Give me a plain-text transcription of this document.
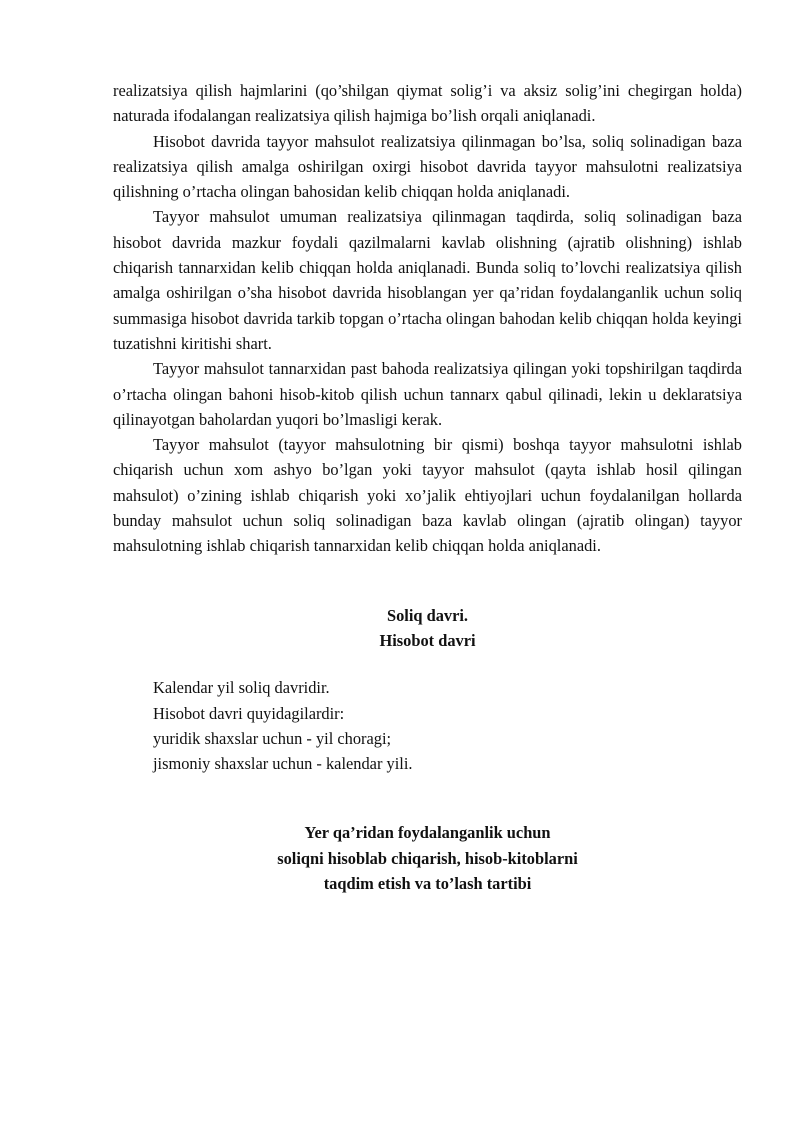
realizatsiya qilish hajmlarini (qo’shilgan qiymat solig’i va aksiz solig’ini chegirgan holda) naturada ifodalangan realizatsiya qilish hajmiga bo’lish orqali aniqlanadi.

Hisobot davrida tayyor mahsulot realizatsiya qilinmagan bo’lsa, soliq solinadigan baza realizatsiya qilish amalga oshirilgan oxirgi hisobot davrida tayyor mahsulotni realizatsiya qilishning o’rtacha olingan bahosidan kelib chiqqan holda aniqlanadi.

Tayyor mahsulot umuman realizatsiya qilinmagan taqdirda, soliq solinadigan baza hisobot davrida mazkur foydali qazilmalarni kavlab olishning (ajratib olishning) ishlab chiqarish tannarxidan kelib chiqqan holda aniqlanadi. Bunda soliq to’lovchi realizatsiya qilish amalga oshirilgan o’sha hisobot davrida hisoblangan yer qa’ridan foydalanganlik uchun soliq summasiga hisobot davrida tarkib topgan o’rtacha olingan bahodan kelib chiqqan holda keyingi tuzatishni kiritishi shart.

Tayyor mahsulot tannarxidan past bahoda realizatsiya qilingan yoki topshirilgan taqdirda o’rtacha olingan bahoni hisob-kitob qilish uchun tannarx qabul qilinadi, lekin u deklaratsiya qilinayotgan baholardan yuqori bo’lmasligi kerak.

Tayyor mahsulot (tayyor mahsulotning bir qismi) boshqa tayyor mahsulotni ishlab chiqarish uchun xom ashyo bo’lgan yoki tayyor mahsulot (qayta ishlab hosil qilingan mahsulot) o’zining ishlab chiqarish yoki xo’jalik ehtiyojlari uchun foydalanilgan hollarda bunday mahsulot uchun soliq solinadigan baza kavlab olingan (ajratib olingan) tayyor mahsulotning ishlab chiqarish tannarxidan kelib chiqqan holda aniqlanadi.

Soliq davri.

Hisobot davri

Kalendar yil soliq davridir.

Hisobot davri quyidagilardir:

yuridik shaxslar uchun - yil choragi;

jismoniy shaxslar uchun - kalendar yili.

Yer qa’ridan foydalanganlik uchun

soliqni hisoblab chiqarish, hisob-kitoblarni

taqdim etish va to’lash tartibi
